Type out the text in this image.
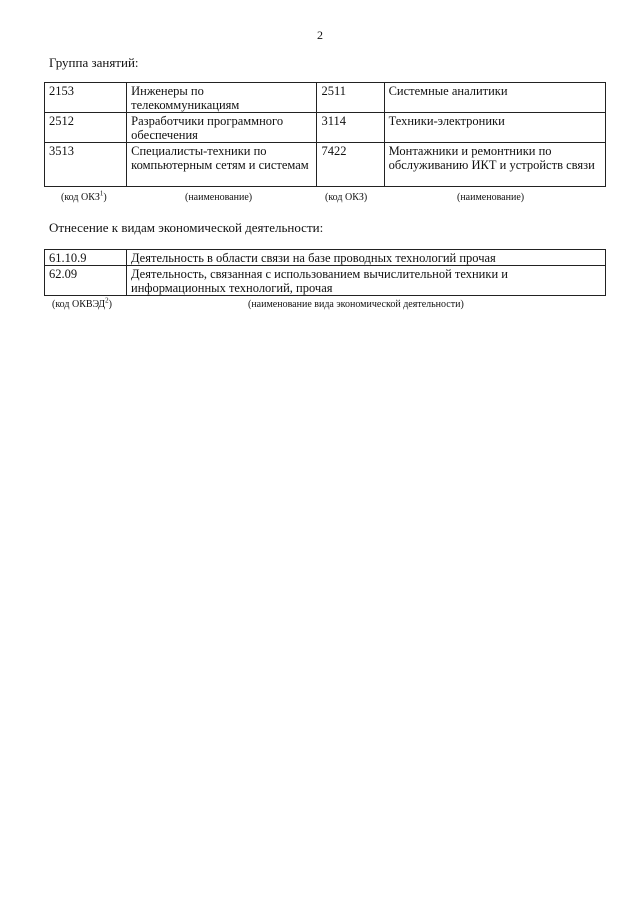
2
Группа занятий:
2153	Инженеры по телекоммуникациям	2511	Системные аналитики
2512	Разработчики программного обеспечения	3114	Техники-электроники
3513	Специалисты-техники по компьютерным сетям и системам	7422	Монтажники и ремонтники по обслуживанию ИКТ и устройств связи
(код ОКЗ$^1$)	(наименование)	(код ОКЗ)	(наименование)
Отнесение к видам экономической деятельности:
61.10.9	Деятельность в области связи на базе проводных технологий прочая
62.09	Деятельность, связанная с использованием вычислительной техники и информационных технологий, прочая
(код ОКВЭД$^2$)	(наименование вида экономической деятельности)
